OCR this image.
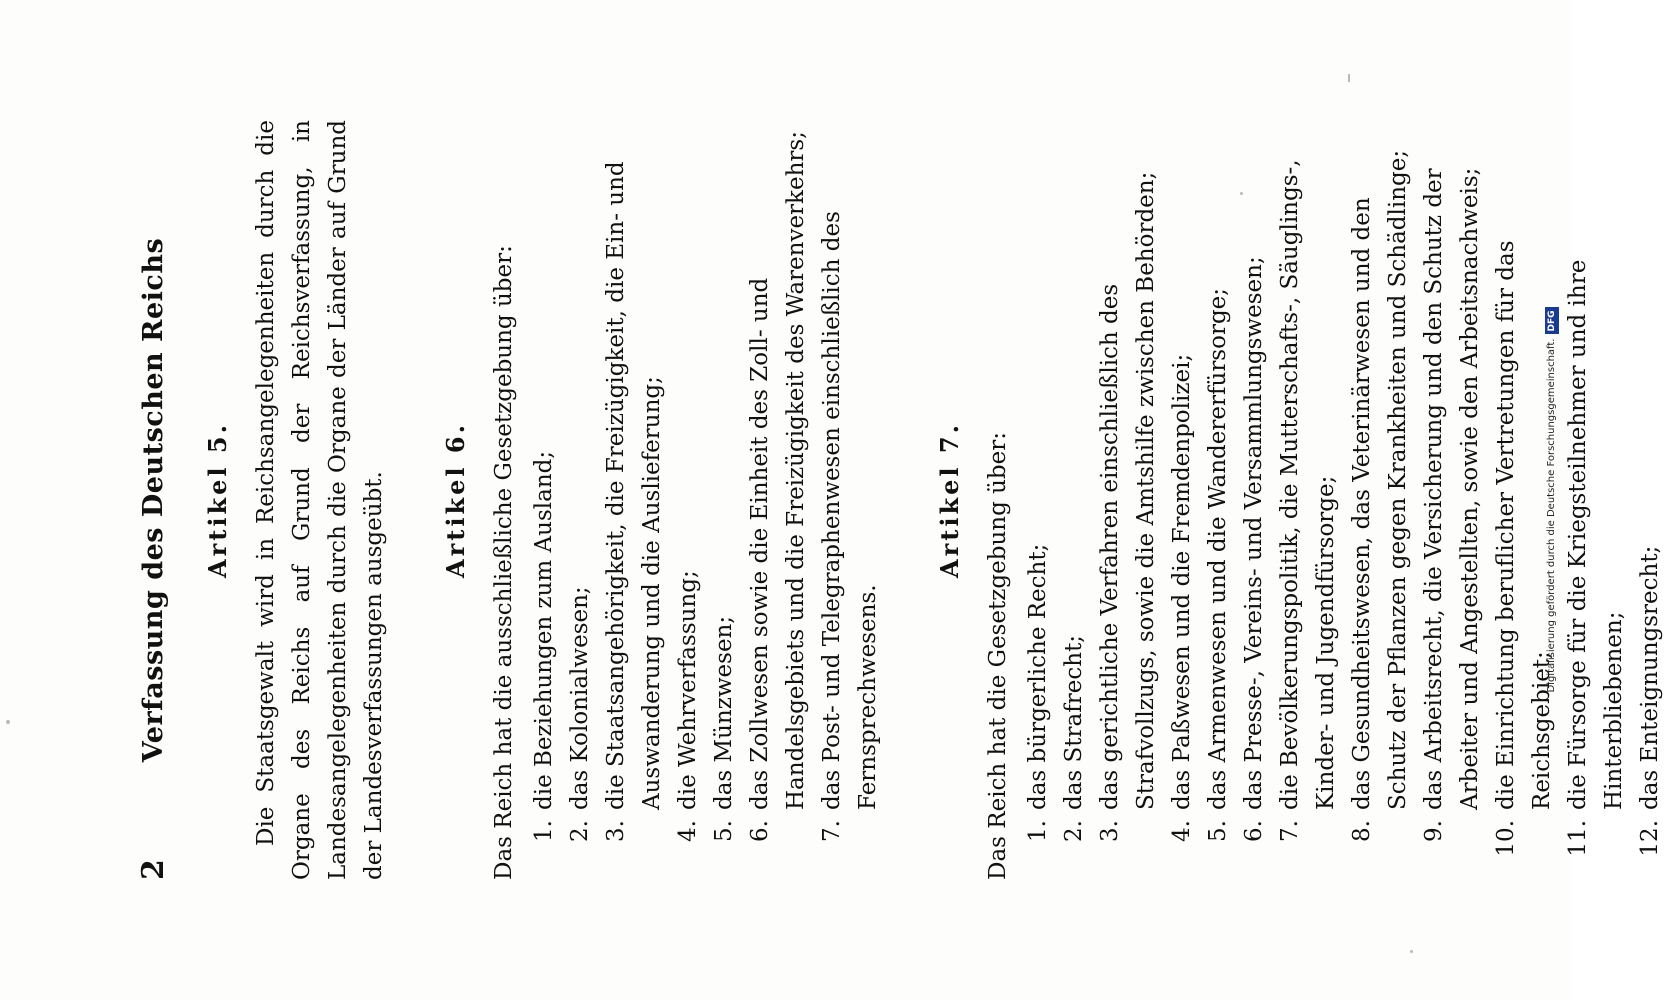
2
Verfassung des Deutschen Reichs Artikel 5. Die Staatsgewalt wird in Reichsangelegenheiten durch die Organe des Reichs auf Grund der Reichsverfassung, in Landesangelegenheiten durch die Organe der Länder auf Grund der Landesverfassungen ausgeübt. Artikel 6. Das Reich hat die ausschließliche Gesetzgebung über: 1.
die Beziehungen zum Ausland;
2.
das Kolonialwesen;
3.
die Staatsangehörigkeit, die Freizügigkeit, die Ein- und Auswanderung und die Auslieferung;
4.
die Wehrverfassung;
5.
das Münzwesen;
6.
das Zollwesen sowie die Einheit des Zoll- und Handelsgebiets und die Freizügigkeit des Warenverkehrs;
7.
das Post- und Telegraphenwesen einschließlich des Fernsprechwesens.
Artikel 7. Das Reich hat die Gesetzgebung über: 1.
das bürgerliche Recht;
2.
das Strafrecht;
3.
das gerichtliche Verfahren einschließlich des Strafvollzugs, sowie die Amtshilfe zwischen Behörden;
4.
das Paßwesen und die Fremdenpolizei;
5.
das Armenwesen und die Wandererfürsorge;
6.
das Presse-, Vereins- und Versammlungswesen;
7.
die Bevölkerungspolitik, die Mutterschafts-, Säuglings-, Kinder- und Jugendfürsorge;
8.
das Gesundheitswesen, das Veterinärwesen und den Schutz der Pflanzen gegen Krankheiten und Schädlinge;
9.
das Arbeitsrecht, die Versicherung und den Schutz der Arbeiter und Angestellten, sowie den Arbeitsnachweis;
10.
die Einrichtung beruflicher Vertretungen für das Reichsgebiet;
11.
die Fürsorge für die Kriegsteilnehmer und ihre Hinterbliebenen;
12.
das Enteignungsrecht;
Digitalisierung gefördert durch die Deutsche Forschungsgemeinschaft.DFG
